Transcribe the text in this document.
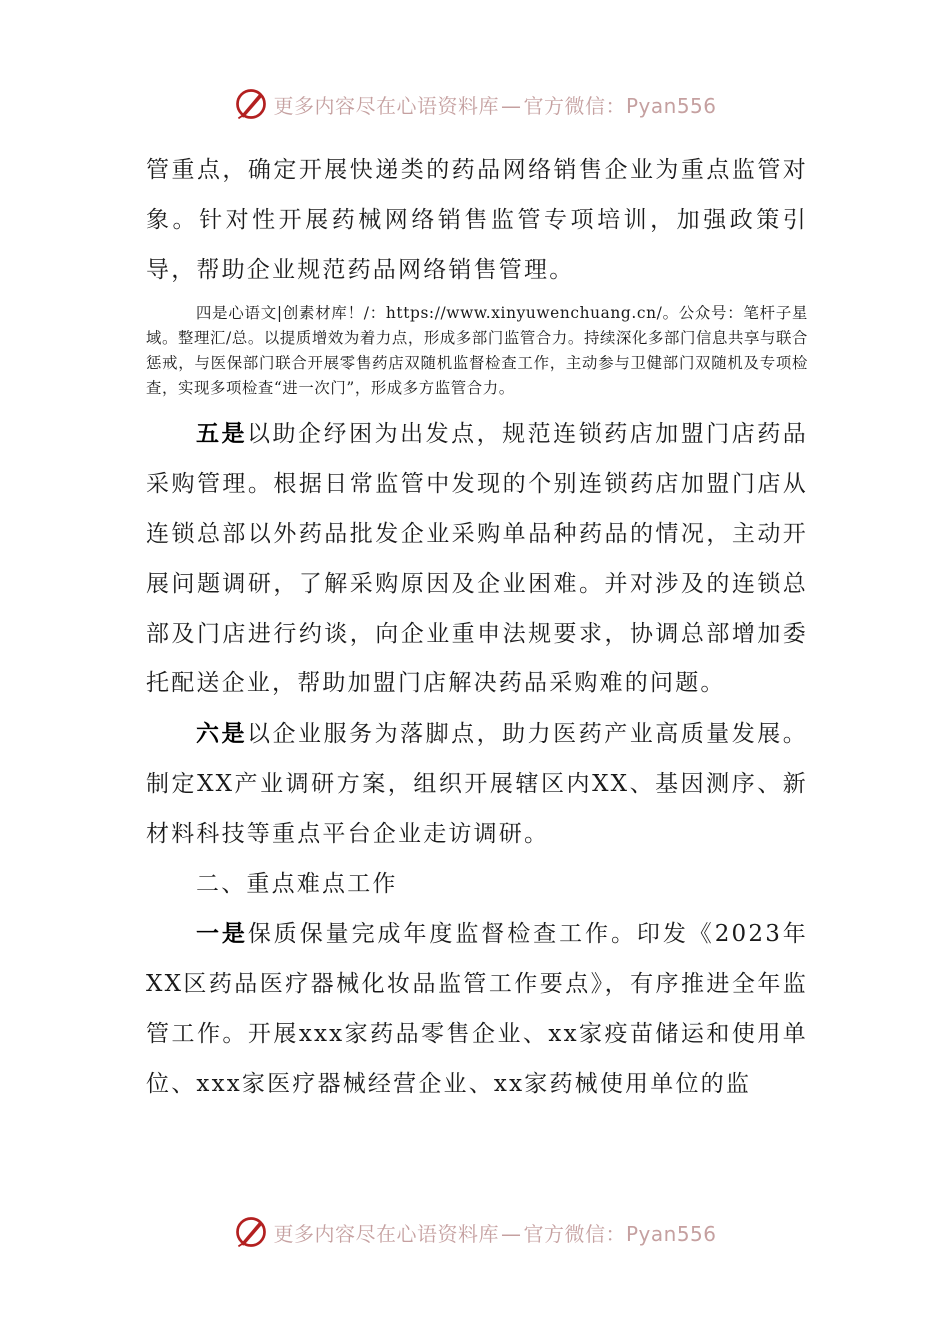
更多内容尽在心语资料库 — 官方微信：Pyan556

管重点，确定开展快递类的药品网络销售企业为重点监管对象。针对性开展药械网络销售监管专项培训，加强政策引导，帮助企业规范药品网络销售管理。

四是心语文|创素材库！/：https://www.xinyuwenchuang.cn/。公众号：笔杆子星域。整理汇/总。以提质增效为着力点，形成多部门监管合力。持续深化多部门信息共享与联合惩戒，与医保部门联合开展零售药店双随机监督检查工作，主动参与卫健部门双随机及专项检查，实现多项检查“进一次门”，形成多方监管合力。

五是以助企纾困为出发点，规范连锁药店加盟门店药品采购管理。根据日常监管中发现的个别连锁药店加盟门店从连锁总部以外药品批发企业采购单品种药品的情况，主动开展问题调研，了解采购原因及企业困难。并对涉及的连锁总部及门店进行约谈，向企业重申法规要求，协调总部增加委托配送企业，帮助加盟门店解决药品采购难的问题。

六是以企业服务为落脚点，助力医药产业高质量发展。制定XX产业调研方案，组织开展辖区内XX、基因测序、新材料科技等重点平台企业走访调研。

二、重点难点工作

一是保质保量完成年度监督检查工作。印发《2023年XX区药品医疗器械化妆品监管工作要点》，有序推进全年监管工作。开展xxx家药品零售企业、xx家疫苗储运和使用单位、xxx家医疗器械经营企业、xx家药械使用单位的监

更多内容尽在心语资料库 — 官方微信：Pyan556
